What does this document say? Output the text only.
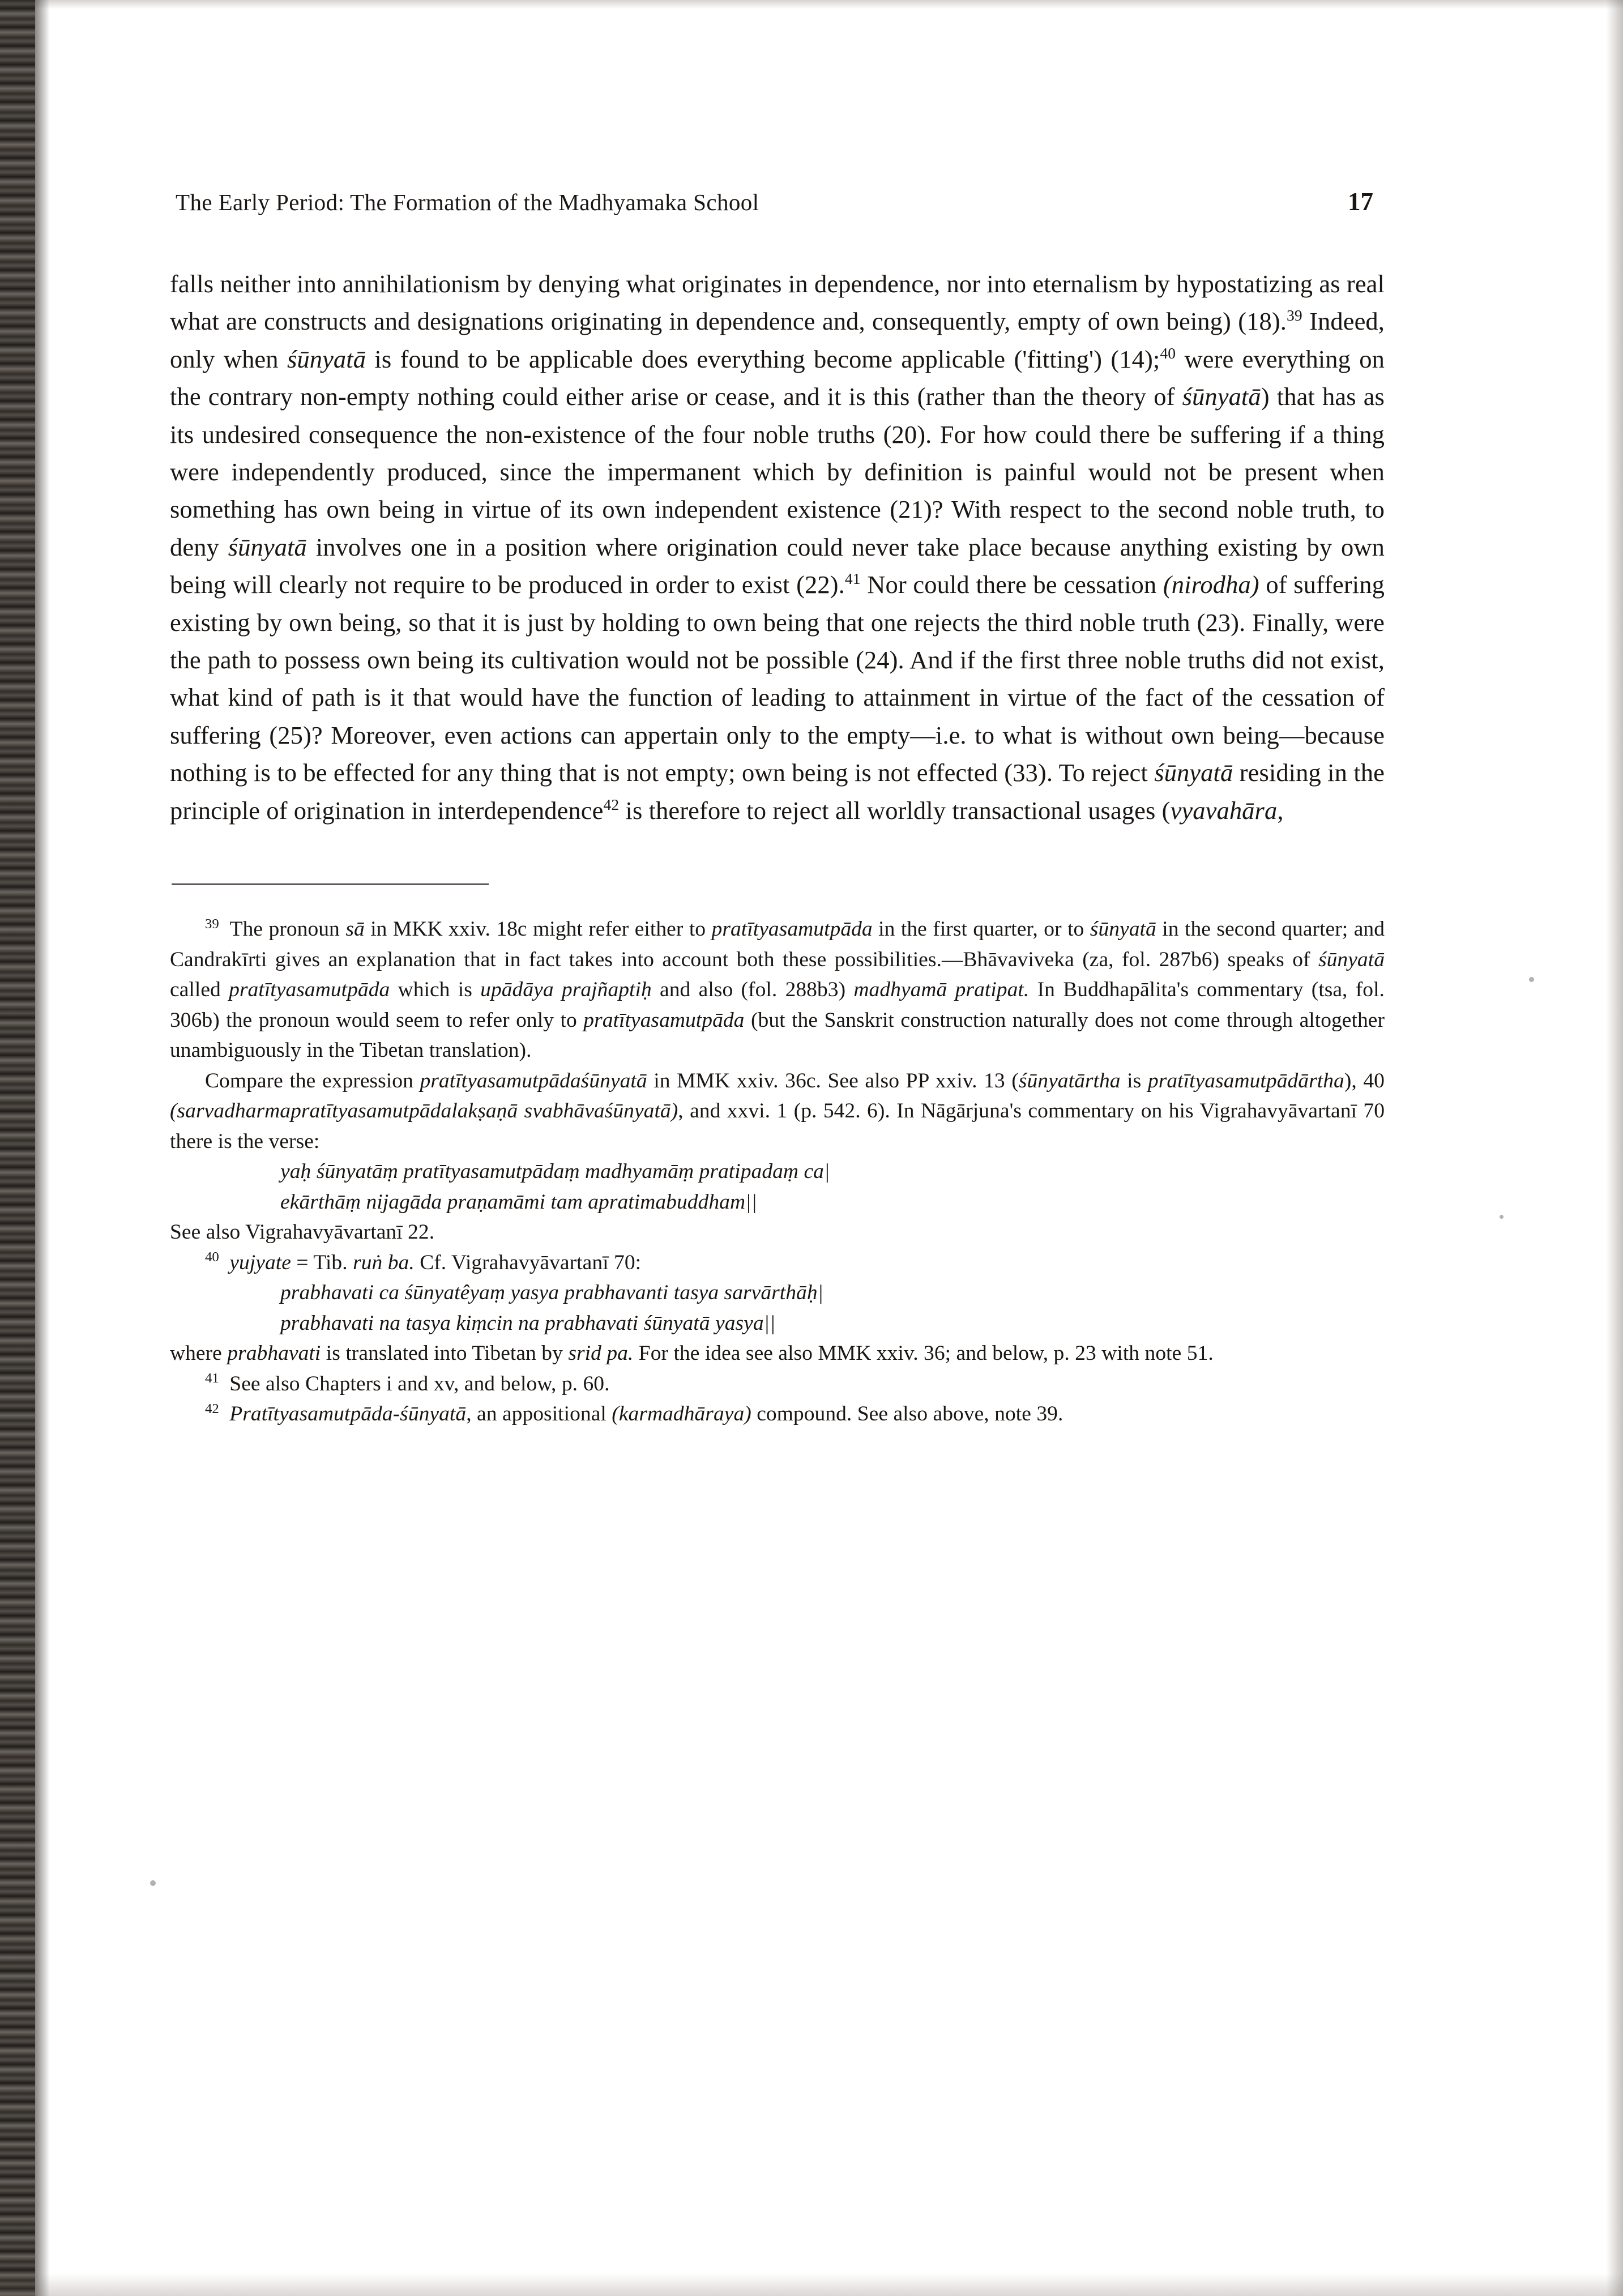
The Early Period: The Formation of the Madhyamaka School	17
falls neither into annihilationism by denying what originates in dependence, nor into eternalism by hypostatizing as real what are constructs and designations originating in dependence and, consequently, empty of own being) (18).$^{39}$ Indeed, only when śūnyatā is found to be applicable does everything become applicable ('fitting') (14);$^{40}$ were everything on the contrary non-empty nothing could either arise or cease, and it is this (rather than the theory of śūnyatā) that has as its undesired consequence the non-existence of the four noble truths (20). For how could there be suffering if a thing were independently produced, since the impermanent which by definition is painful would not be present when something has own being in virtue of its own independent existence (21)? With respect to the second noble truth, to deny śūnyatā involves one in a position where origination could never take place because anything existing by own being will clearly not require to be produced in order to exist (22).$^{41}$ Nor could there be cessation (nirodha) of suffering existing by own being, so that it is just by holding to own being that one rejects the third noble truth (23). Finally, were the path to possess own being its cultivation would not be possible (24). And if the first three noble truths did not exist, what kind of path is it that would have the function of leading to attainment in virtue of the fact of the cessation of suffering (25)? Moreover, even actions can appertain only to the empty—i.e. to what is without own being—because nothing is to be effected for any thing that is not empty; own being is not effected (33). To reject śūnyatā residing in the principle of origination in interdependence$^{42}$ is therefore to reject all worldly transactional usages (vyavahāra,
$^{39}$ The pronoun sā in MKK xxiv. 18c might refer either to pratītyasamutpāda in the first quarter, or to śūnyatā in the second quarter; and Candrakīrti gives an explanation that in fact takes into account both these possibilities.—Bhāvaviveka (za, fol. 287b6) speaks of śūnyatā called pratītyasamutpāda which is upādāya prajñaptiḥ and also (fol. 288b3) madhyamā pratipat. In Buddhapālita's commentary (tsa, fol. 306b) the pronoun would seem to refer only to pratītyasamutpāda (but the Sanskrit construction naturally does not come through altogether unambiguously in the Tibetan translation).
Compare the expression pratītyasamutpādaśūnyatā in MMK xxiv. 36c. See also PP xxiv. 13 (śūnyatārtha is pratītyasamutpādārtha), 40 (sarvadharmapratītyasamutpādalakṣaṇā svabhāvaśūnyatā), and xxvi. 1 (p. 542. 6). In Nāgārjuna's commentary on his Vigrahavyāvartanī 70 there is the verse:
yaḥ śūnyatāṃ pratītyasamutpādaṃ madhyamāṃ pratipadaṃ ca|
ekārthāṃ nijagāda praṇamāmi tam apratimabuddham||
See also Vigrahavyāvartanī 22.
$^{40}$ yujyate = Tib. ruṅ ba. Cf. Vigrahavyāvartanī 70:
prabhavati ca śūnyatêyaṃ yasya prabhavanti tasya sarvārthāḥ|
prabhavati na tasya kiṃcin na prabhavati śūnyatā yasya||
where prabhavati is translated into Tibetan by srid pa. For the idea see also MMK xxiv. 36; and below, p. 23 with note 51.
$^{41}$ See also Chapters i and xv, and below, p. 60.
$^{42}$ Pratītyasamutpāda-śūnyatā, an appositional (karmadhāraya) compound. See also above, note 39.
